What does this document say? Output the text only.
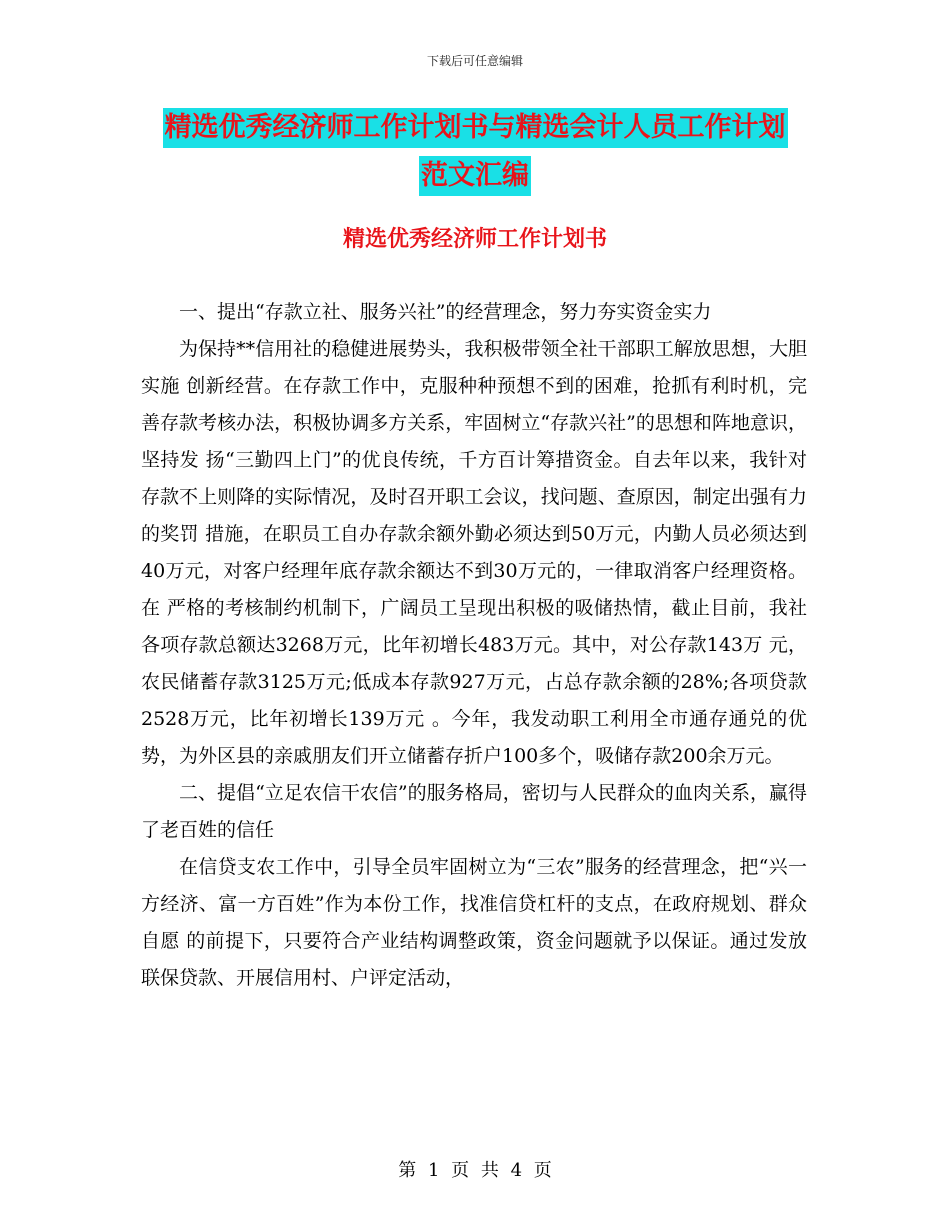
下载后可任意编辑
精选优秀经济师工作计划书与精选会计人员工作计划
范文汇编
精选优秀经济师工作计划书

一、提出“存款立社、服务兴社”的经营理念，努力夯实资金实力

为保持**信用社的稳健进展势头，我积极带领全社干部职工解放思想，大胆实施 创新经营。在存款工作中，克服种种预想不到的困难，抢抓有利时机，完善存款考核办法，积极协调多方关系，牢固树立“存款兴社”的思想和阵地意识，坚持发 扬“三勤四上门”的优良传统，千方百计筹措资金。自去年以来，我针对存款不上则降的实际情况，及时召开职工会议，找问题、查原因，制定出强有力的奖罚 措施，在职员工自办存款余额外勤必须达到50万元，内勤人员必须达到40万元，对客户经理年底存款余额达不到30万元的，一律取消客户经理资格。在 严格的考核制约机制下，广阔员工呈现出积极的吸储热情，截止目前，我社各项存款总额达3268万元，比年初增长483万元。其中，对公存款143万 元，农民储蓄存款3125万元;低成本存款927万元，占总存款余额的28%;各项贷款2528万元，比年初增长139万元 。今年，我发动职工利用全市通存通兑的优势，为外区县的亲戚朋友们开立储蓄存折户100多个，吸储存款200余万元。

二、提倡“立足农信干农信”的服务格局，密切与人民群众的血肉关系，赢得了老百姓的信任

在信贷支农工作中，引导全员牢固树立为“三农”服务的经营理念，把“兴一方经济、富一方百姓”作为本份工作，找准信贷杠杆的支点，在政府规划、群众自愿 的前提下，只要符合产业结构调整政策，资金问题就予以保证。通过发放联保贷款、开展信用村、户评定活动，

第 1 页 共 4 页
